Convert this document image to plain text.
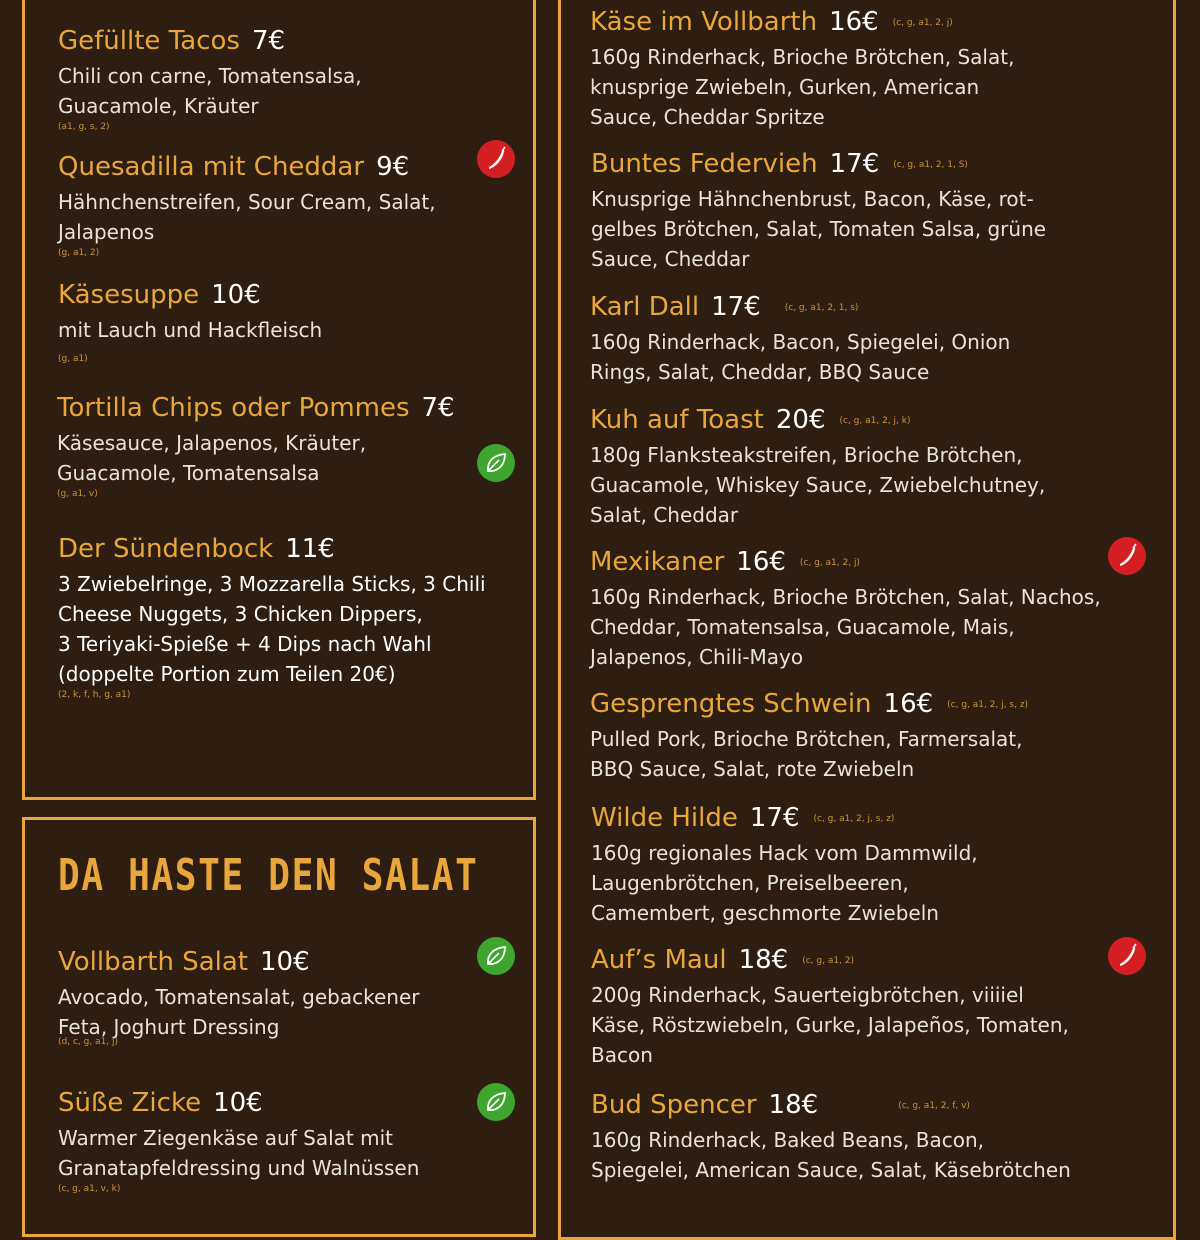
Gefüllte Tacos 7€
Chili con carne, Tomatensalsa,
Guacamole, Kräuter
(a1, g, s, 2)
Quesadilla mit Cheddar 9€
Hähnchenstreifen, Sour Cream, Salat,
Jalapenos
(g, a1, 2)
Käsesuppe 10€
mit Lauch und Hackfleisch
(g, a1)
Tortilla Chips oder Pommes 7€
Käsesauce, Jalapenos, Kräuter,
Guacamole, Tomatensalsa
(g, a1, v)
Der Sündenbock 11€
3 Zwiebelringe, 3 Mozzarella Sticks, 3 Chili
Cheese Nuggets, 3 Chicken Dippers,
3 Teriyaki-Spieße + 4 Dips nach Wahl
(doppelte Portion zum Teilen 20€)
(2, k, f, h, g, a1)
DA HASTE DEN SALAT
Vollbarth Salat 10€
Avocado, Tomatensalat, gebackener
Feta, Joghurt Dressing
(d, c, g, a1, j)
Süße Zicke 10€
Warmer Ziegenkäse auf Salat mit
Granatapfeldressing und Walnüssen
(c, g, a1, v, k)
Käse im Vollbarth 16€ $^{(c, g, a1, 2, j)}$
160g Rinderhack, Brioche Brötchen, Salat,
knusprige Zwiebeln, Gurken, American
Sauce, Cheddar Spritze
Buntes Federvieh 17€ $^{(c, g, a1, 2, 1, S)}$
Knusprige Hähnchenbrust, Bacon, Käse, rot-
gelbes Brötchen, Salat, Tomaten Salsa, grüne
Sauce, Cheddar
Karl Dall 17€	$^{(c, g, a1, 2, 1, s)}$
160g Rinderhack, Bacon, Spiegelei, Onion
Rings, Salat, Cheddar, BBQ Sauce
Kuh auf Toast 20€ $^{(c, g, a1, 2, j, k)}$
180g Flanksteakstreifen, Brioche Brötchen,
Guacamole, Whiskey Sauce, Zwiebelchutney,
Salat, Cheddar
Mexikaner 16€ $^{(c, g, a1, 2, j)}$
160g Rinderhack, Brioche Brötchen, Salat, Nachos,
Cheddar, Tomatensalsa, Guacamole, Mais,
Jalapenos, Chili-Mayo
Gesprengtes Schwein 16€ $^{(c, g, a1, 2, j, s, z)}$
Pulled Pork, Brioche Brötchen, Farmersalat,
BBQ Sauce, Salat, rote Zwiebeln
Wilde Hilde 17€ $^{(c, g, a1, 2, j, s, z)}$
160g regionales Hack vom Dammwild,
Laugenbrötchen, Preiselbeeren,
Camembert, geschmorte Zwiebeln
Auf’s Maul 18€ $^{(c, g, a1, 2)}$
200g Rinderhack, Sauerteigbrötchen, viiiiel
Käse, Röstzwiebeln, Gurke, Jalapeños, Tomaten,
Bacon
Bud Spencer 18€	$^{(c, g, a1, 2, f, v)}$
160g Rinderhack, Baked Beans, Bacon,
Spiegelei, American Sauce, Salat, Käsebrötchen
